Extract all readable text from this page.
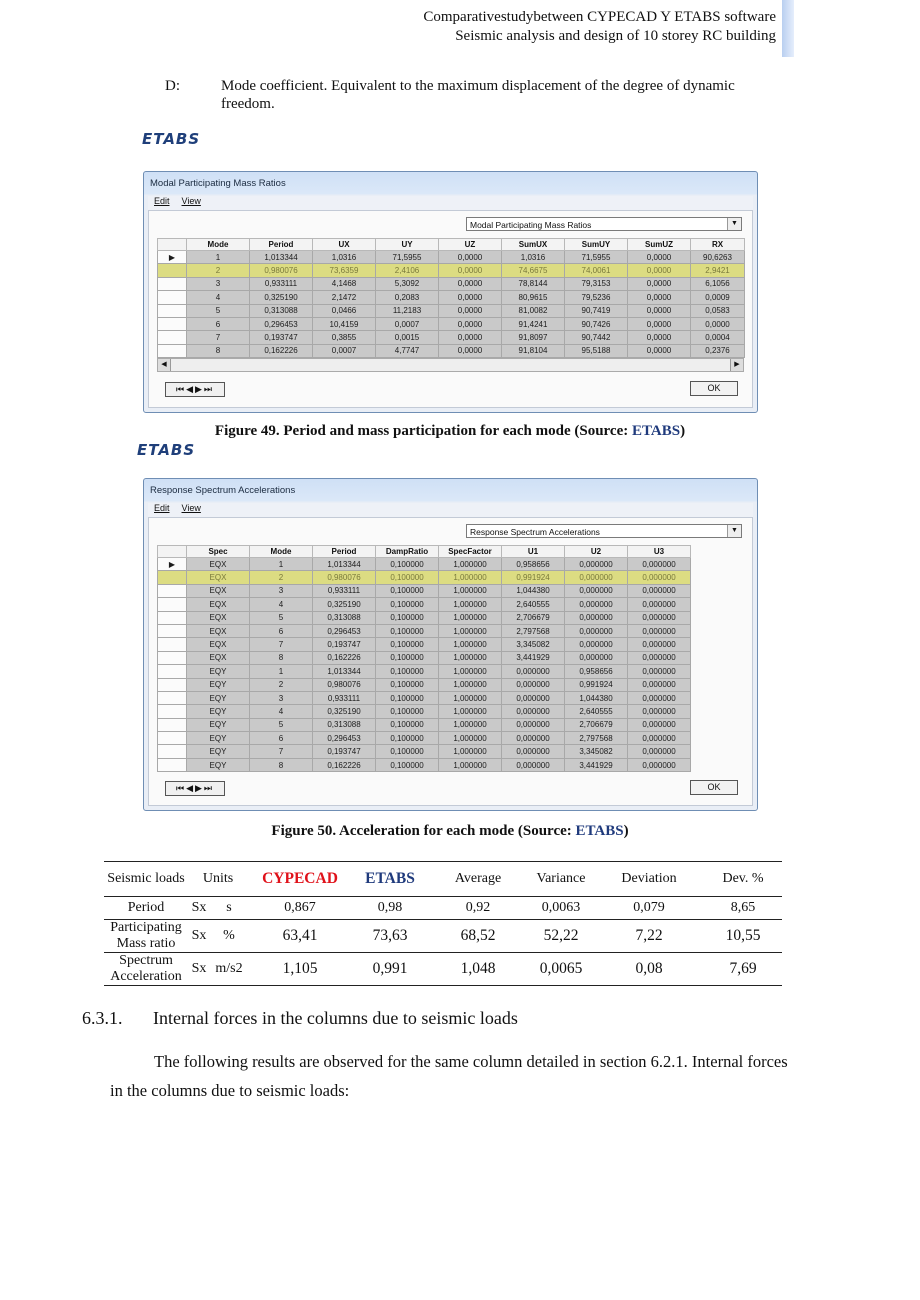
Comparativestudybetween CYPECAD Y ETABS software
Seismic analysis and design of 10 storey RC building
D:	Mode coefficient. Equivalent to the maximum displacement of the degree of dynamic freedom.
ETABS
Modal Participating Mass Ratios
Edit View
Modal Participating Mass Ratios	▼
	Mode	Period	UX	UY	UZ	SumUX	SumUY	SumUZ	RX
▶	1	1,013344	1,0316	71,5955	0,0000	1,0316	71,5955	0,0000	90,6263
	2	0,980076	73,6359	2,4106	0,0000	74,6675	74,0061	0,0000	2,9421
	3	0,933111	4,1468	5,3092	0,0000	78,8144	79,3153	0,0000	6,1056
	4	0,325190	2,1472	0,2083	0,0000	80,9615	79,5236	0,0000	0,0009
	5	0,313088	0,0466	11,2183	0,0000	81,0082	90,7419	0,0000	0,0583
	6	0,296453	10,4159	0,0007	0,0000	91,4241	90,7426	0,0000	0,0000
	7	0,193747	0,3855	0,0015	0,0000	91,8097	90,7442	0,0000	0,0004
	8	0,162226	0,0007	4,7747	0,0000	91,8104	95,5188	0,0000	0,2376
◀	▶
⏮◀▶⏭	OK
Figure 49. Period and mass participation for each mode (Source: ETABS)
ETABS
Response Spectrum Accelerations
Edit View
Response Spectrum Accelerations	▼
	Spec	Mode	Period	DampRatio	SpecFactor	U1	U2	U3
▶	EQX	1	1,013344	0,100000	1,000000	0,958656	0,000000	0,000000
	EQX	2	0,980076	0,100000	1,000000	0,991924	0,000000	0,000000
	EQX	3	0,933111	0,100000	1,000000	1,044380	0,000000	0,000000
	EQX	4	0,325190	0,100000	1,000000	2,640555	0,000000	0,000000
	EQX	5	0,313088	0,100000	1,000000	2,706679	0,000000	0,000000
	EQX	6	0,296453	0,100000	1,000000	2,797568	0,000000	0,000000
	EQX	7	0,193747	0,100000	1,000000	3,345082	0,000000	0,000000
	EQX	8	0,162226	0,100000	1,000000	3,441929	0,000000	0,000000
	EQY	1	1,013344	0,100000	1,000000	0,000000	0,958656	0,000000
	EQY	2	0,980076	0,100000	1,000000	0,000000	0,991924	0,000000
	EQY	3	0,933111	0,100000	1,000000	0,000000	1,044380	0,000000
	EQY	4	0,325190	0,100000	1,000000	0,000000	2,640555	0,000000
	EQY	5	0,313088	0,100000	1,000000	0,000000	2,706679	0,000000
	EQY	6	0,296453	0,100000	1,000000	0,000000	2,797568	0,000000
	EQY	7	0,193747	0,100000	1,000000	0,000000	3,345082	0,000000
	EQY	8	0,162226	0,100000	1,000000	0,000000	3,441929	0,000000
⏮◀▶⏭	OK
Figure 50. Acceleration for each mode (Source: ETABS)
Seismic loads	Units		CYPECAD	ETABS	Average	Variance	Deviation	Dev. %
Period	Sx	s	0,867	0,98	0,92	0,0063	0,079	8,65
Participating Mass ratio	Sx	%	63,41	73,63	68,52	52,22	7,22	10,55
Spectrum Acceleration	Sx	m/s2	1,105	0,991	1,048	0,0065	0,08	7,69
6.3.1. Internal forces in the columns due to seismic loads
The following results are observed for the same column detailed in section 6.2.1. Internal forces in the columns due to seismic loads:
